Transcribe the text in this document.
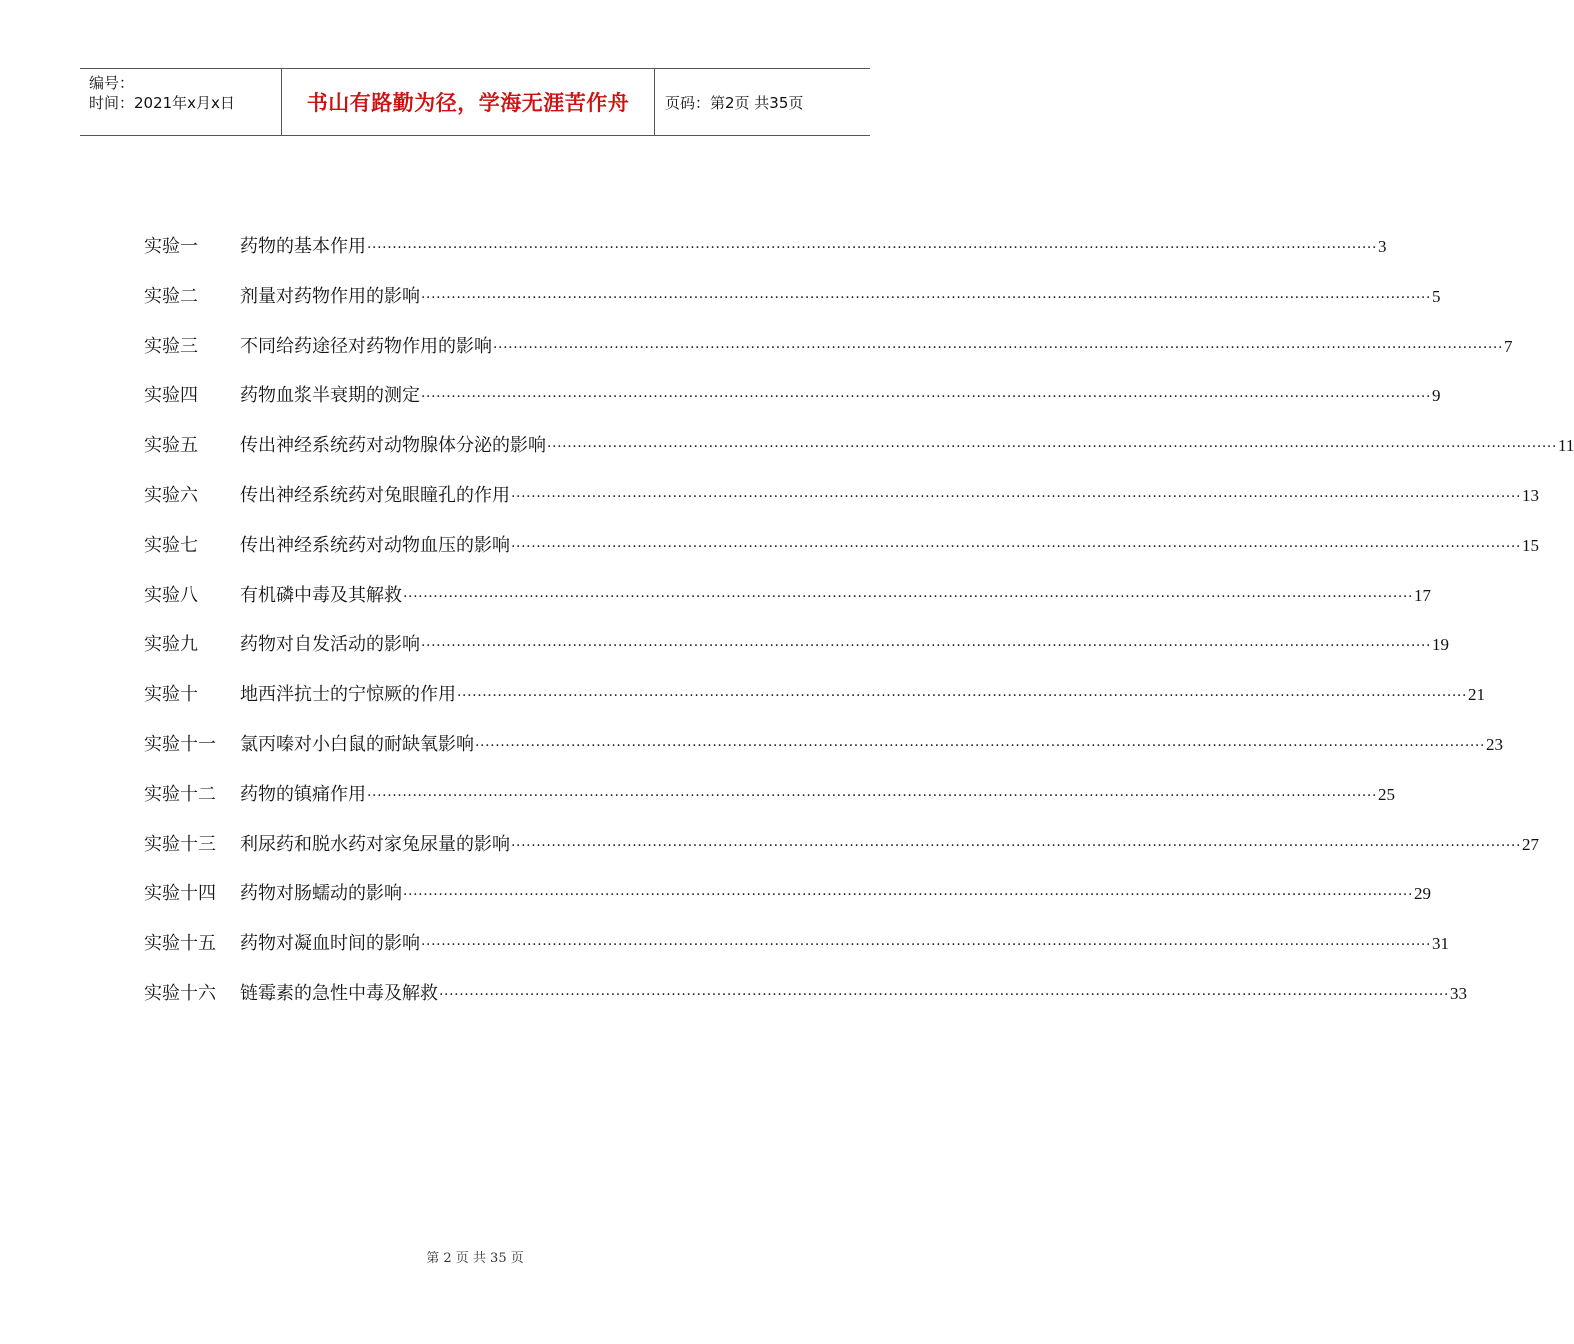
编号：
时间：2021年x月x日	书山有路勤为径，学海无涯苦作舟	页码：第2页 共35页
实验一	药物的基本作用 ········································································································································································································ 3
实验二	剂量对药物作用的影响 ········································································································································································································ 5
实验三	不同给药途径对药物作用的影响 ········································································································································································································ 7
实验四	药物血浆半衰期的测定 ········································································································································································································ 9
实验五	传出神经系统药对动物腺体分泌的影响 ········································································································································································································ 11
实验六	传出神经系统药对兔眼瞳孔的作用 ········································································································································································································ 13
实验七	传出神经系统药对动物血压的影响 ········································································································································································································ 15
实验八	有机磷中毒及其解救 ········································································································································································································ 17
实验九	药物对自发活动的影响 ········································································································································································································ 19
实验十	地西泮抗士的宁惊厥的作用 ········································································································································································································ 21
实验十一	氯丙嗪对小白鼠的耐缺氧影响 ········································································································································································································ 23
实验十二	药物的镇痛作用 ········································································································································································································ 25
实验十三	利尿药和脱水药对家兔尿量的影响 ········································································································································································································ 27
实验十四	药物对肠蠕动的影响 ········································································································································································································ 29
实验十五	药物对凝血时间的影响 ········································································································································································································ 31
实验十六	链霉素的急性中毒及解救 ········································································································································································································ 33
第 2 页 共 35 页
